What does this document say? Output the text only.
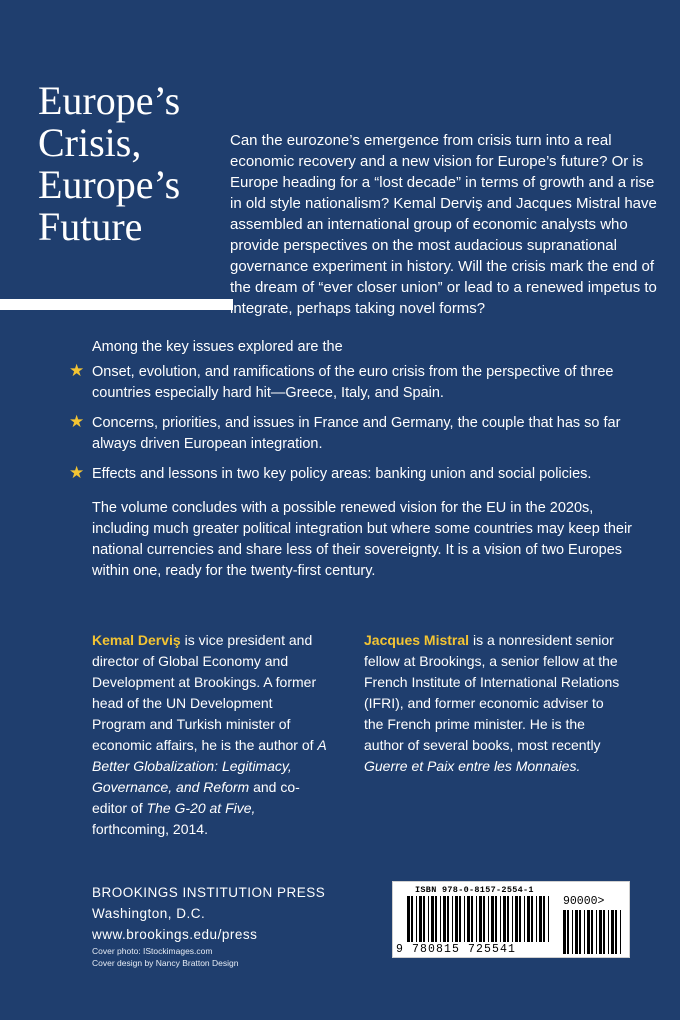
Europe’s
Crisis,
Europe’s
Future

Can the eurozone’s emergence from crisis turn into a real economic recovery and a new vision for Europe’s future? Or is Europe heading for a “lost decade” in terms of growth and a rise in old style nationalism? Kemal Derviş and Jacques Mistral have assembled an international group of economic analysts who provide perspectives on the most audacious supranational governance experiment in history. Will the crisis mark the end of the dream of “ever closer union” or lead to a renewed impetus to integrate, perhaps taking novel forms?

Among the key issues explored are the

★ Onset, evolution, and ramifications of the euro crisis from the perspective of three countries especially hard hit—Greece, Italy, and Spain.
★ Concerns, priorities, and issues in France and Germany, the couple that has so far always driven European integration.
★ Effects and lessons in two key policy areas: banking union and social policies.

The volume concludes with a possible renewed vision for the EU in the 2020s, including much greater political integration but where some countries may keep their national currencies and share less of their sovereignty. It is a vision of two Europes within one, ready for the twenty-first century.

Kemal Derviş is vice president and director of Global Economy and Development at Brookings. A former head of the UN Development Program and Turkish minister of economic affairs, he is the author of A Better Globalization: Legitimacy, Governance, and Reform and co-editor of The G-20 at Five, forthcoming, 2014.

Jacques Mistral is a nonresident senior fellow at Brookings, a senior fellow at the French Institute of International Relations (IFRI), and former economic adviser to the French prime minister. He is the author of several books, most recently Guerre et Paix entre les Monnaies.

BROOKINGS INSTITUTION PRESS
Washington, D.C.
www.brookings.edu/press
Cover photo: IStockimages.com
Cover design by Nancy Bratton Design
ISBN 978-0-8157-2554-1
9 780815 725541
90000>
